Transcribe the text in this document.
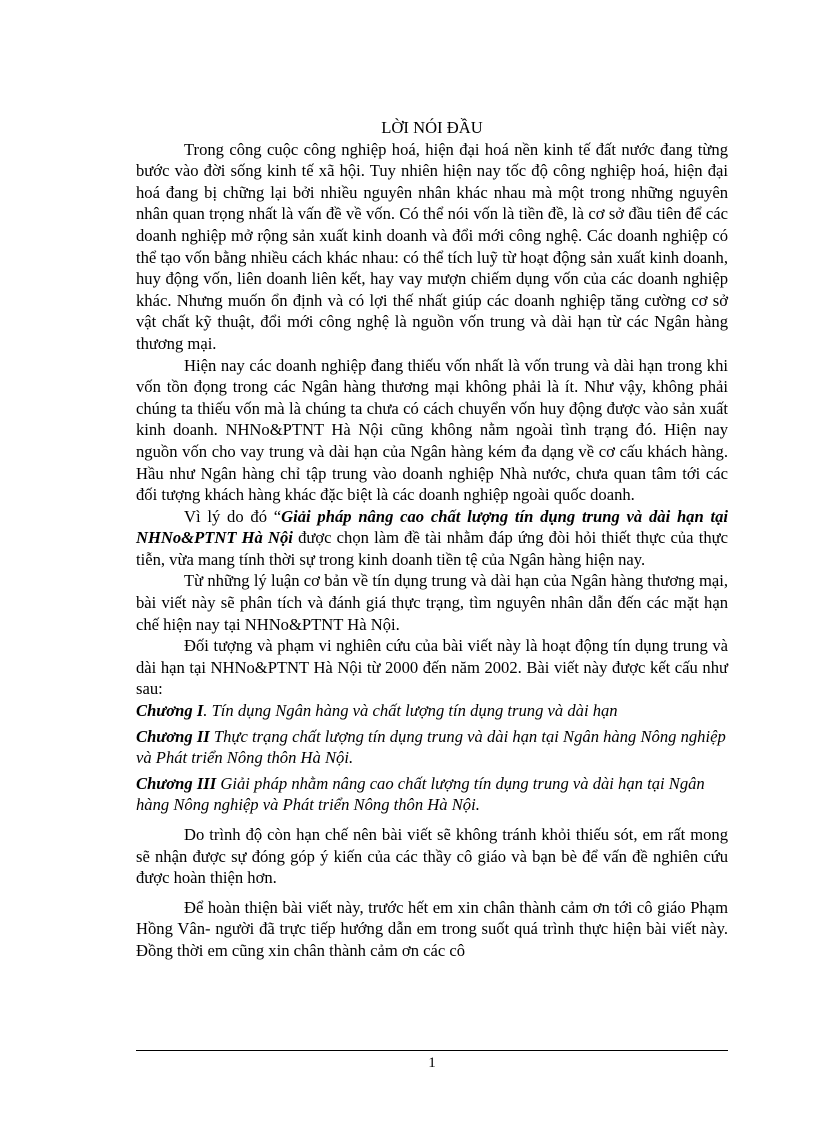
LỜI NÓI ĐẦU

Trong công cuộc công nghiệp hoá, hiện đại hoá nền kinh tế đất nước đang từng bước vào đời sống kinh tế xã hội. Tuy nhiên hiện nay tốc độ công nghiệp hoá, hiện đại hoá đang bị chững lại bởi nhiều nguyên nhân khác nhau mà một trong những nguyên nhân quan trọng nhất là vấn đề về vốn. Có thể nói vốn là tiền đề, là cơ sở đầu tiên để các doanh nghiệp mở rộng sản xuất kinh doanh và đổi mới công nghệ. Các doanh nghiệp có thể tạo vốn bằng nhiều cách khác nhau: có thể tích luỹ từ hoạt động sản xuất kinh doanh, huy động vốn, liên doanh liên kết, hay vay mượn chiếm dụng vốn của các doanh nghiệp khác. Nhưng muốn ổn định và có lợi thế nhất giúp các doanh nghiệp tăng cường cơ sở vật chất kỹ thuật, đổi mới công nghệ là nguồn vốn trung và dài hạn từ các Ngân hàng thương mại.

Hiện nay các doanh nghiệp đang thiếu vốn nhất là vốn trung và dài hạn trong khi vốn tồn đọng trong các Ngân hàng thương mại không phải là ít. Như vậy, không phải chúng ta thiếu vốn mà là chúng ta chưa có cách chuyển vốn huy động được vào sản xuất kinh doanh. NHNo&PTNT Hà Nội cũng không nằm ngoài tình trạng đó. Hiện nay nguồn vốn cho vay trung và dài hạn của Ngân hàng kém đa dạng về cơ cấu khách hàng. Hầu như Ngân hàng chỉ tập trung vào doanh nghiệp Nhà nước, chưa quan tâm tới các đối tượng khách hàng khác đặc biệt là các doanh nghiệp ngoài quốc doanh.

Vì lý do đó “Giải pháp nâng cao chất lượng tín dụng trung và dài hạn tại NHNo&PTNT Hà Nội được chọn làm đề tài nhằm đáp ứng đòi hỏi thiết thực của thực tiễn, vừa mang tính thời sự trong kinh doanh tiền tệ của Ngân hàng hiện nay.

Từ những lý luận cơ bản về tín dụng trung và dài hạn của Ngân hàng thương mại, bài viết này sẽ phân tích và đánh giá thực trạng, tìm nguyên nhân dẫn đến các mặt hạn chế hiện nay tại NHNo&PTNT Hà Nội.

Đối tượng và phạm vi nghiên cứu của bài viết này là hoạt động tín dụng trung và dài hạn tại NHNo&PTNT Hà Nội từ 2000 đến năm 2002. Bài viết này được kết cấu như sau:

Chương I. Tín dụng Ngân hàng và chất lượng tín dụng trung và dài hạn

Chương II Thực trạng chất lượng tín dụng trung và dài hạn tại Ngân hàng Nông nghiệp và Phát triển Nông thôn Hà Nội.

Chương III Giải pháp nhằm nâng cao chất lượng tín dụng trung và dài hạn tại Ngân hàng Nông nghiệp và Phát triển Nông thôn Hà Nội.

Do trình độ còn hạn chế nên bài viết sẽ không tránh khỏi thiếu sót, em rất mong sẽ nhận được sự đóng góp ý kiến của các thầy cô giáo và bạn bè để vấn đề nghiên cứu được hoàn thiện hơn.

Để hoàn thiện bài viết này, trước hết em xin chân thành cảm ơn tới cô giáo Phạm Hồng Vân- người đã trực tiếp hướng dẫn em trong suốt quá trình thực hiện bài viết này. Đồng thời em cũng xin chân thành cảm ơn các cô

1
